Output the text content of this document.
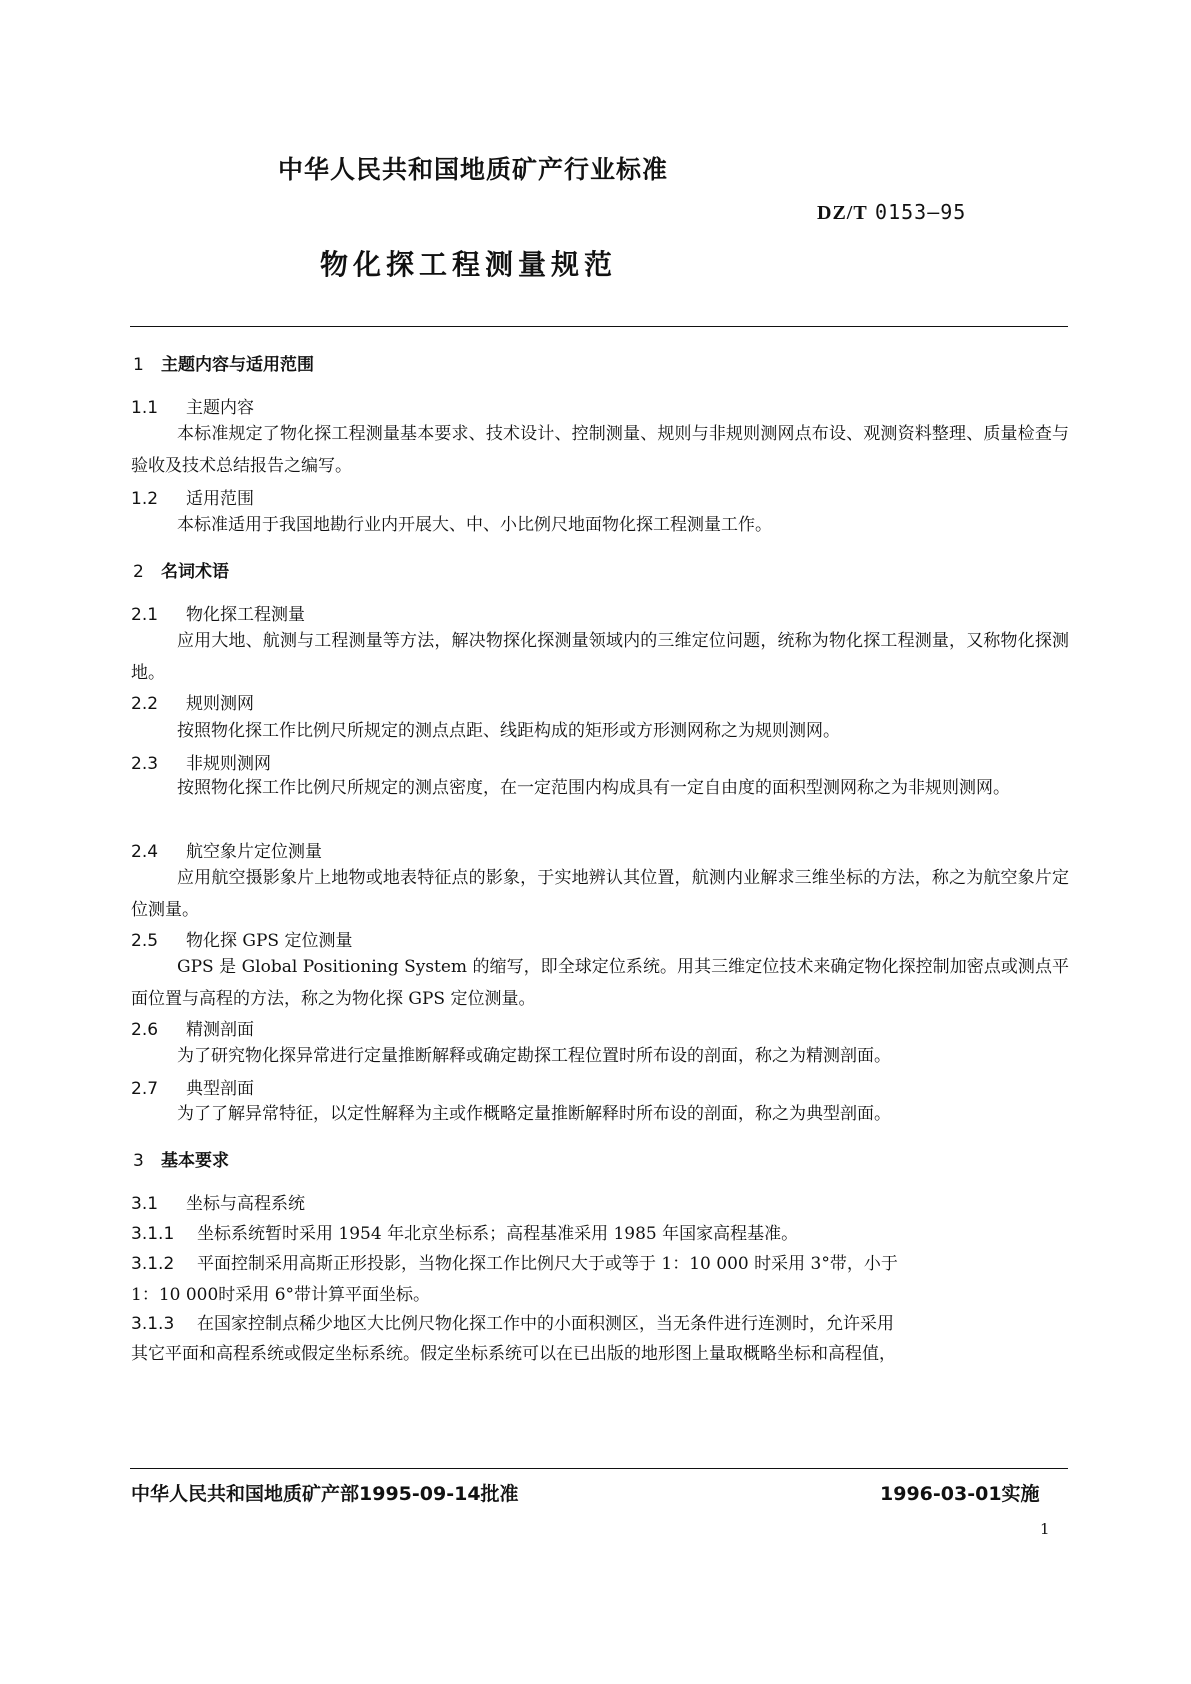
中华人民共和国地质矿产行业标准
DZ/T 0153—95
物化探工程测量规范
1 主题内容与适用范围
1.1 主题内容

本标准规定了物化探工程测量基本要求、技术设计、控制测量、规则与非规则测网点布设、观测资料整理、质量检查与验收及技术总结报告之编写。

1.2 适用范围

本标准适用于我国地勘行业内开展大、中、小比例尺地面物化探工程测量工作。

2 名词术语
2.1 物化探工程测量

应用大地、航测与工程测量等方法，解决物探化探测量领域内的三维定位问题，统称为物化探工程测量，又称物化探测地。

2.2 规则测网

按照物化探工作比例尺所规定的测点点距、线距构成的矩形或方形测网称之为规则测网。

2.3 非规则测网

按照物化探工作比例尺所规定的测点密度，在一定范围内构成具有一定自由度的面积型测网称之为非规则测网。

2.4 航空象片定位测量

应用航空摄影象片上地物或地表特征点的影象，于实地辨认其位置，航测内业解求三维坐标的方法，称之为航空象片定位测量。

2.5 物化探 GPS 定位测量

GPS 是 Global Positioning System 的缩写，即全球定位系统。用其三维定位技术来确定物化探控制加密点或测点平面位置与高程的方法，称之为物化探 GPS 定位测量。

2.6 精测剖面

为了研究物化探异常进行定量推断解释或确定勘探工程位置时所布设的剖面，称之为精测剖面。

2.7 典型剖面

为了了解异常特征，以定性解释为主或作概略定量推断解释时所布设的剖面，称之为典型剖面。

3 基本要求
3.1 坐标与高程系统
3.1.1 坐标系统暂时采用 1954 年北京坐标系；高程基准采用 1985 年国家高程基准。
3.1.2 平面控制采用高斯正形投影，当物化探工作比例尺大于或等于 1：10 000 时采用 3°带，小于
1：10 000时采用 6°带计算平面坐标。
3.1.3 在国家控制点稀少地区大比例尺物化探工作中的小面积测区，当无条件进行连测时，允许采用
其它平面和高程系统或假定坐标系统。假定坐标系统可以在已出版的地形图上量取概略坐标和高程值，
中华人民共和国地质矿产部1995-09-14批准	1996-03-01实施
1
